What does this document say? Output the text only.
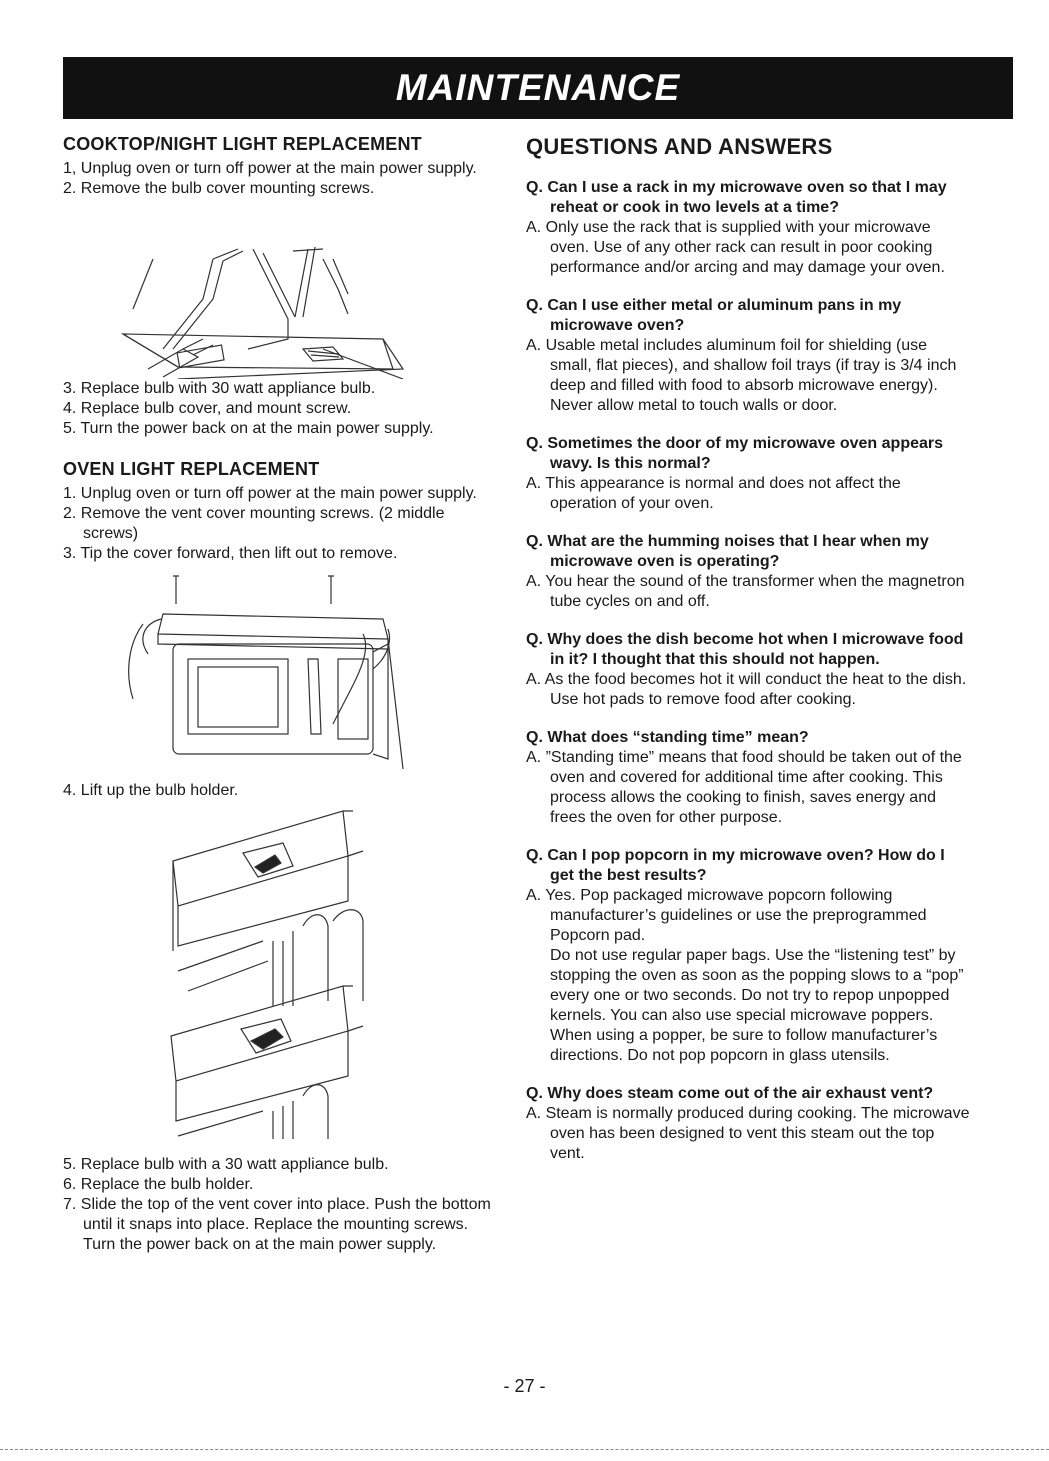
MAINTENANCE
COOKTOP/NIGHT LIGHT REPLACEMENT
1, Unplug oven or turn off power at the main power supply.
2. Remove the bulb cover mounting screws.
3. Replace bulb with 30 watt appliance bulb.
4. Replace bulb cover, and mount screw.
5. Turn the power back on at the main power supply.
OVEN LIGHT REPLACEMENT
1. Unplug oven or turn off power at the main power supply.
2. Remove the vent cover mounting screws. (2 middle screws)
3. Tip the cover forward, then lift out to remove.
4. Lift up the bulb holder.
5. Replace bulb with a 30 watt appliance bulb.
6. Replace the bulb holder.
7. Slide the top of the vent cover into place. Push the bottom until it snaps into place. Replace the mounting screws. Turn the power back on at the main power supply.
QUESTIONS AND ANSWERS
Q. Can I use a rack in my microwave oven so that I may reheat or cook in two levels at a time?
A. Only use the rack that is supplied with your microwave oven. Use of any other rack can result in poor cooking performance and/or arcing and may damage your oven.
Q. Can I use either metal or aluminum pans in my microwave oven?
A. Usable metal includes aluminum foil for shielding (use small, flat pieces), and shallow foil trays (if tray is 3/4 inch deep and filled with food to absorb microwave energy). Never allow metal to touch walls or door.
Q. Sometimes the door of my microwave oven appears wavy. Is this normal?
A. This appearance is normal and does not affect the operation of your oven.
Q. What are the humming noises that I hear when my microwave oven is operating?
A. You hear the sound of the transformer when the magnetron tube cycles on and off.
Q. Why does the dish become hot when I microwave food in it? I thought that this should not happen.
A. As the food becomes hot it will conduct the heat to the dish. Use hot pads to remove food after cooking.
Q. What does “standing time” mean?
A. ”Standing time” means that food should be taken out of the oven and covered for additional time after cooking. This process allows the cooking to finish, saves energy and frees the oven for other purpose.
Q. Can I pop popcorn in my microwave oven? How do I get the best results?
A. Yes. Pop packaged microwave popcorn following manufacturer’s guidelines or use the preprogrammed Popcorn pad.
Do not use regular paper bags. Use the “listening test” by stopping the oven as soon as the popping slows to a “pop” every one or two seconds. Do not try to repop unpopped kernels. You can also use special microwave poppers. When using a popper, be sure to follow manufacturer’s directions. Do not pop popcorn in glass utensils.
Q. Why does steam come out of the air exhaust vent?
A. Steam is normally produced during cooking. The microwave oven has been designed to vent this steam out the top vent.
- 27 -
